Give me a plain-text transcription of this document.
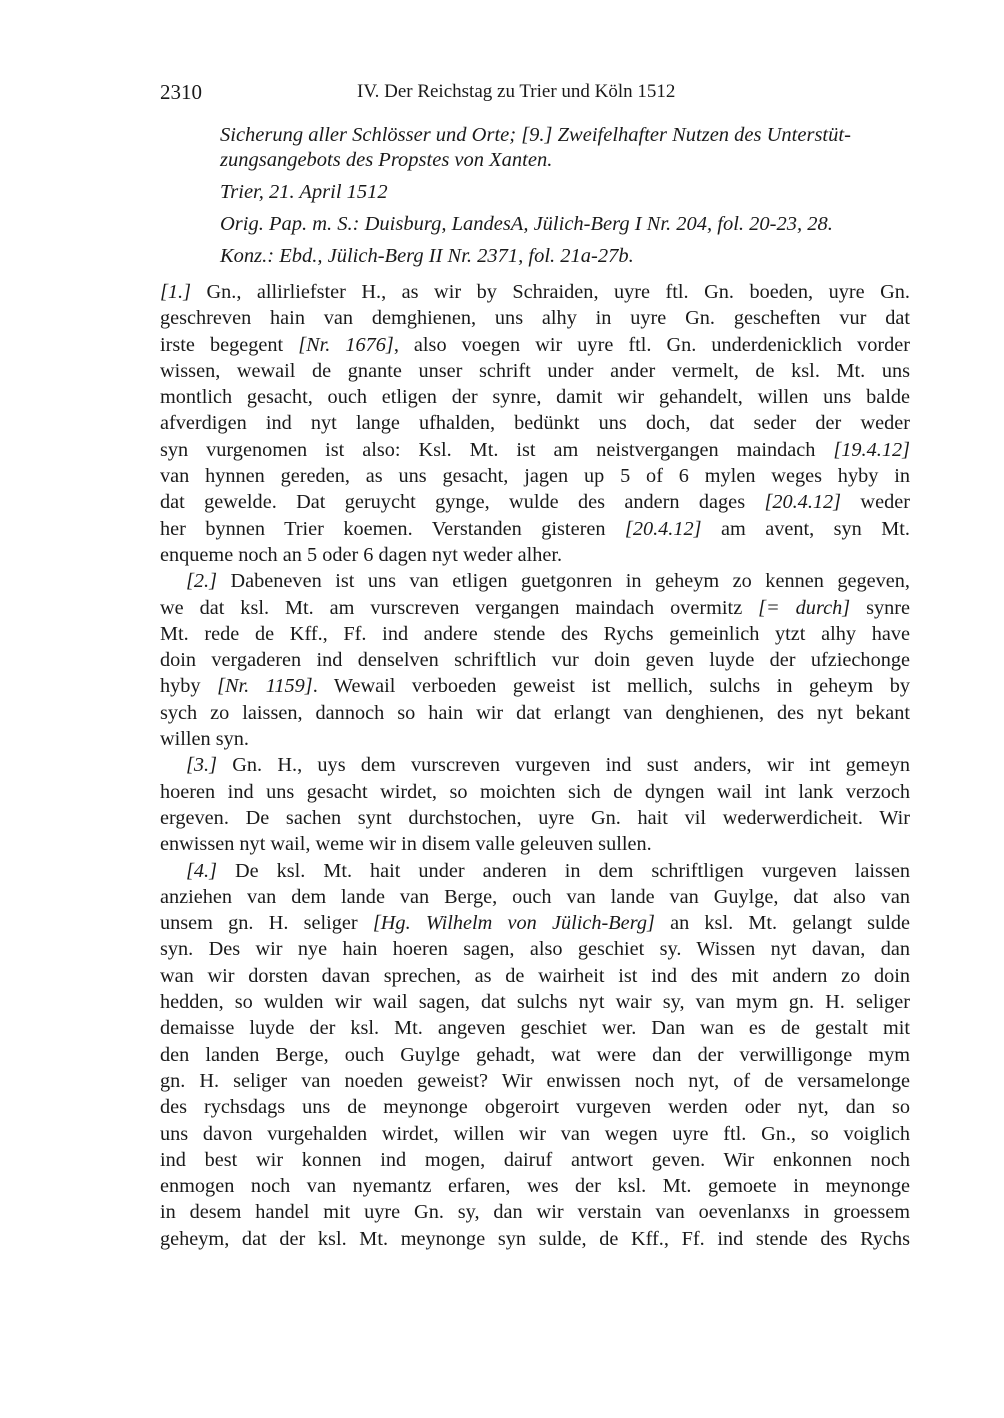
2310	IV. Der Reichstag zu Trier und Köln 1512
Sicherung aller Schlösser und Orte; [9.] Zweifelhafter Nutzen des Unterstüt-
zungsangebots des Propstes von Xanten.
Trier, 21. April 1512
Orig. Pap. m. S.: Duisburg, LandesA, Jülich-Berg I Nr. 204, fol. 20-23, 28.
Konz.: Ebd., Jülich-Berg II Nr. 2371, fol. 21a-27b.
[1.] Gn., allirliefster H., as wir by Schraiden, uyre ftl. Gn. boeden, uyre Gn.
geschreven hain van demghienen, uns alhy in uyre Gn. gescheften vur dat
irste begegent [Nr. 1676], also voegen wir uyre ftl. Gn. underdenicklich vorder
wissen, wewail de gnante unser schrift under ander vermelt, de ksl. Mt. uns
montlich gesacht, ouch etligen der synre, damit wir gehandelt, willen uns balde
afverdigen ind nyt lange ufhalden, bedünkt uns doch, dat seder der weder
syn vurgenomen ist also: Ksl. Mt. ist am neistvergangen maindach [19.4.12]
van hynnen gereden, as uns gesacht, jagen up 5 of 6 mylen weges hyby in
dat gewelde. Dat geruycht gynge, wulde des andern dages [20.4.12] weder
her bynnen Trier koemen. Verstanden gisteren [20.4.12] am avent, syn Mt.
enqueme noch an 5 oder 6 dagen nyt weder alher.
[2.] Dabeneven ist uns van etligen guetgonren in geheym zo kennen gegeven,
we dat ksl. Mt. am vurscreven vergangen maindach overmitz [= durch] synre
Mt. rede de Kff., Ff. ind andere stende des Rychs gemeinlich ytzt alhy have
doin vergaderen ind denselven schriftlich vur doin geven luyde der ufziechonge
hyby [Nr. 1159]. Wewail verboeden geweist ist mellich, sulchs in geheym by
sych zo laissen, dannoch so hain wir dat erlangt van denghienen, des nyt bekant
willen syn.
[3.] Gn. H., uys dem vurscreven vurgeven ind sust anders, wir int gemeyn
hoeren ind uns gesacht wirdet, so moichten sich de dyngen wail int lank verzoch
ergeven. De sachen synt durchstochen, uyre Gn. hait vil wederwerdicheit. Wir
enwissen nyt wail, weme wir in disem valle geleuven sullen.
[4.] De ksl. Mt. hait under anderen in dem schriftligen vurgeven laissen
anziehen van dem lande van Berge, ouch van lande van Guylge, dat also van
unsem gn. H. seliger [Hg. Wilhelm von Jülich-Berg] an ksl. Mt. gelangt sulde
syn. Des wir nye hain hoeren sagen, also geschiet sy. Wissen nyt davan, dan
wan wir dorsten davan sprechen, as de wairheit ist ind des mit andern zo doin
hedden, so wulden wir wail sagen, dat sulchs nyt wair sy, van mym gn. H. seliger
demaisse luyde der ksl. Mt. angeven geschiet wer. Dan wan es de gestalt mit
den landen Berge, ouch Guylge gehadt, wat were dan der verwilligonge mym
gn. H. seliger van noeden geweist? Wir enwissen noch nyt, of de versamelonge
des rychsdags uns de meynonge obgeroirt vurgeven werden oder nyt, dan so
uns davon vurgehalden wirdet, willen wir van wegen uyre ftl. Gn., so voiglich
ind best wir konnen ind mogen, dairuf antwort geven. Wir enkonnen noch
enmogen noch van nyemantz erfaren, wes der ksl. Mt. gemoete in meynonge
in desem handel mit uyre Gn. sy, dan wir verstain van oevenlanxs in groessem
geheym, dat der ksl. Mt. meynonge syn sulde, de Kff., Ff. ind stende des Rychs
